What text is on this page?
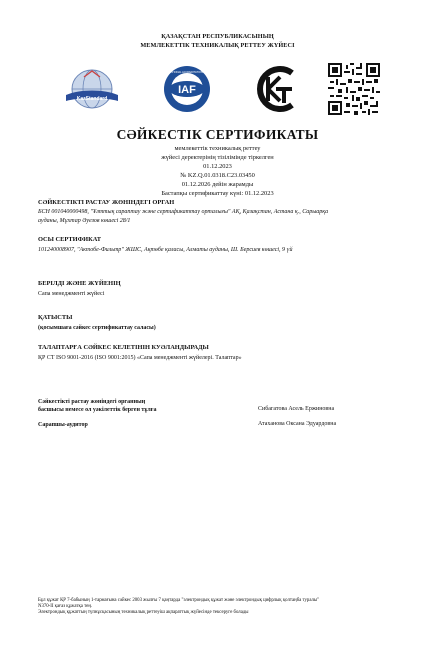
ҚАЗАҚСТАН РЕСПУБЛИКАСЫНЫҢ
МЕМЛЕКЕТТІК ТЕХНИКАЛЫҚ РЕТТЕУ ЖҮЙЕСІ
KazStandard
IAF
INTERNATIONAL ACCREDITATION FORUM
KT
СӘЙКЕСТІК СЕРТИФИКАТЫ
мемлекеттік техникалық реттеу
жүйесі деректерінің тізілімінде тіркелген
01.12.2023
№ KZ.Q.01.0318.C23.03450
01.12.2026 дейін жарамды
Бастапқы сертификаттау күні: 01.12.2023
СӘЙКЕСТІКТІ РАСТАУ ЖӨНІНДЕГІ ОРГАН
БСН 001040000498, "Ұлттық сараптау және сертификаттау орталығы" АҚ, Қазақстан, Астана қ., Сарыарқа
ауданы, Мұхтар Әуезов көшесі 28/1
ОСЫ СЕРТИФИКАТ
101240008907, "Актобе-Фильтр" ЖШС, Ақтөбе қаласы, Алматы ауданы, Ш. Берсиев көшесі, 9 үй
БЕРІЛДІ ЖӘНЕ ЖҮЙЕНІҢ
Сапа менеджменті жүйесі
ҚАТЫСТЫ
(қосымшаға сәйкес сертификаттау саласы)
ТАЛАПТАРҒА СӘЙКЕС КЕЛЕТІНІН КУӘЛАНДЫРАДЫ
ҚР СТ ISO 9001-2016 (ISO 9001:2015) «Сапа менеджменті жүйелері. Талаптар»
Сәйкестікті растау жөніндегі органның
басшысы немесе ол уәкілеттік берген тұлға	Сибагатова Асель Ержиновна
Сарапшы-аудитор	Атаханова Оксана Эдуардовна
Бұл құжат ҚР 7-бабының 1-тармағына сәйкес 2003 жылғы 7 қаңтарда "электрондық құжат және электрондық цифрлық қолтаңба туралы"
N370-II қағаз құжатқа тең.
Электрондық құжаттың түпнұсқасының техникалық реттеуіш ақпараттық жүйесінде тексеруге болады
